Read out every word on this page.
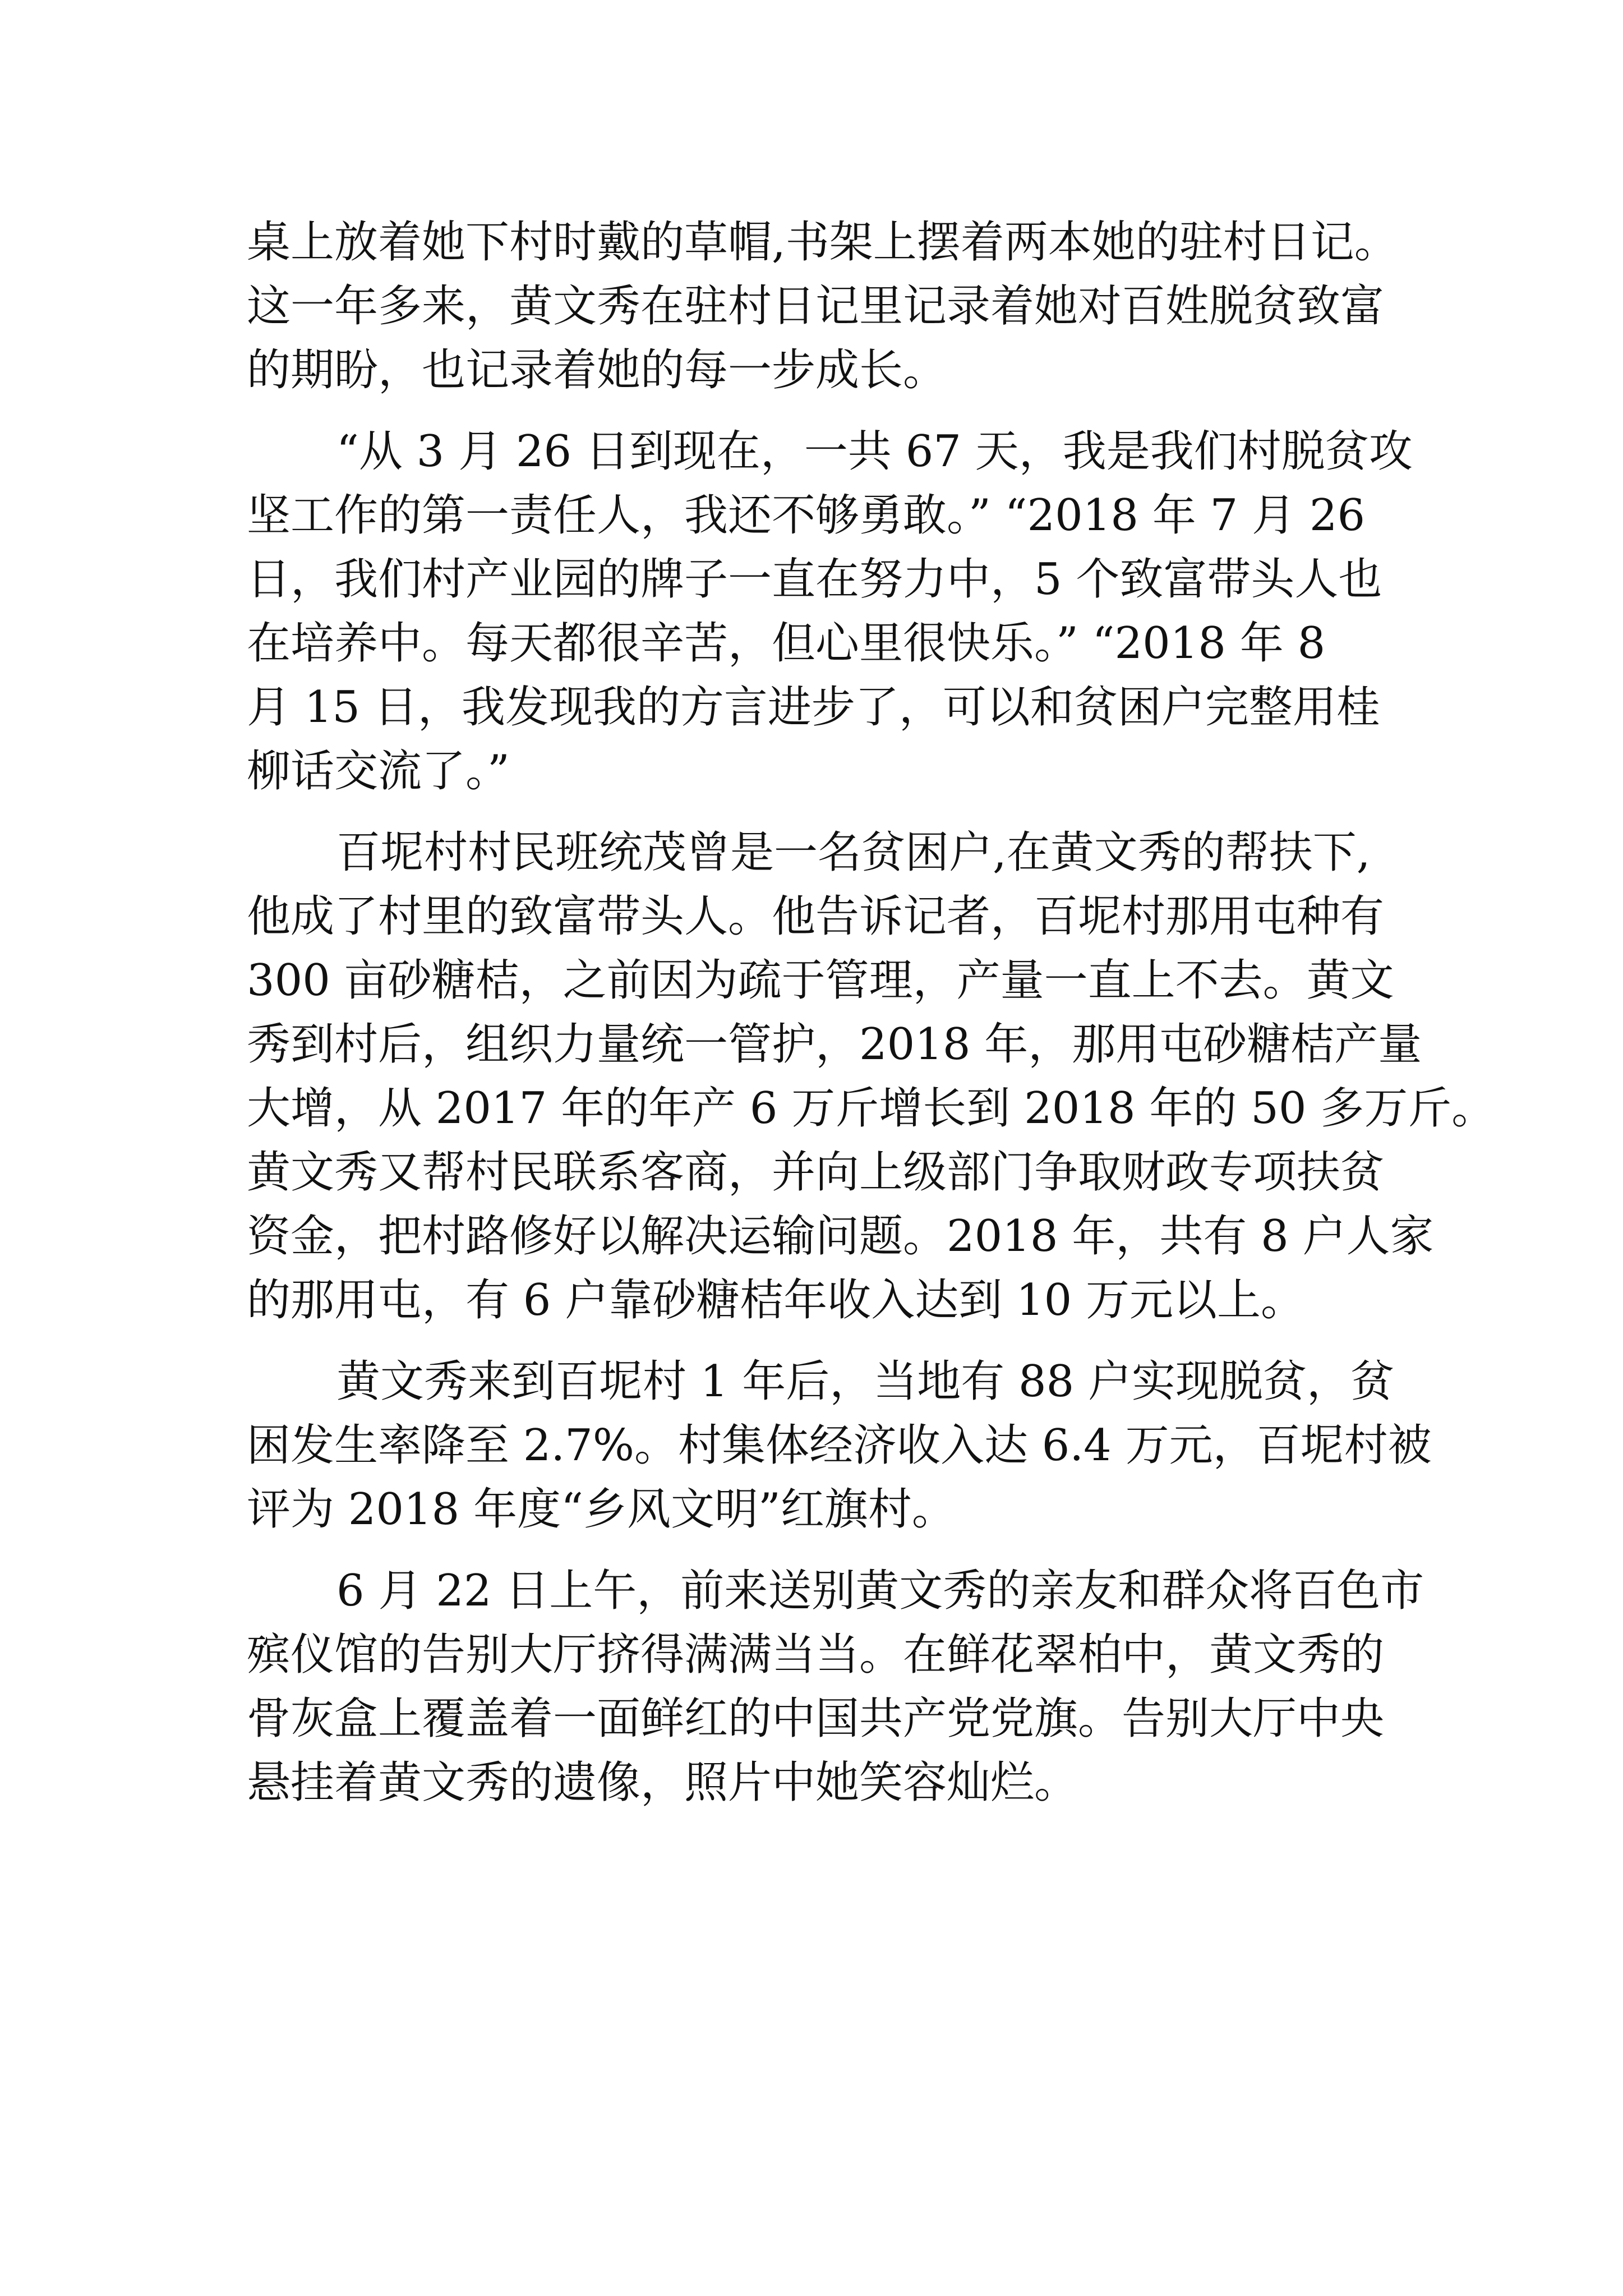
桌上放着她下村时戴的草帽,书架上摆着两本她的驻村日记。
这一年多来，黄文秀在驻村日记里记录着她对百姓脱贫致富
的期盼，也记录着她的每一步成长。
“从 3 月 26 日到现在，一共 67 天，我是我们村脱贫攻
坚工作的第一责任人，我还不够勇敢。” “2018 年 7 月 26
日，我们村产业园的牌子一直在努力中，5 个致富带头人也
在培养中。每天都很辛苦，但心里很快乐。” “2018 年 8
月 15 日，我发现我的方言进步了，可以和贫困户完整用桂
柳话交流了。”
百坭村村民班统茂曾是一名贫困户,在黄文秀的帮扶下,
他成了村里的致富带头人。他告诉记者，百坭村那用屯种有
300 亩砂糖桔，之前因为疏于管理，产量一直上不去。黄文
秀到村后，组织力量统一管护，2018 年，那用屯砂糖桔产量
大增，从 2017 年的年产 6 万斤增长到 2018 年的 50 多万斤。
黄文秀又帮村民联系客商，并向上级部门争取财政专项扶贫
资金，把村路修好以解决运输问题。2018 年，共有 8 户人家
的那用屯，有 6 户靠砂糖桔年收入达到 10 万元以上。
黄文秀来到百坭村 1 年后，当地有 88 户实现脱贫，贫
困发生率降至 2.7%。村集体经济收入达 6.4 万元，百坭村被
评为 2018 年度“乡风文明”红旗村。
6 月 22 日上午，前来送别黄文秀的亲友和群众将百色市
殡仪馆的告别大厅挤得满满当当。在鲜花翠柏中，黄文秀的
骨灰盒上覆盖着一面鲜红的中国共产党党旗。告别大厅中央
悬挂着黄文秀的遗像，照片中她笑容灿烂。
